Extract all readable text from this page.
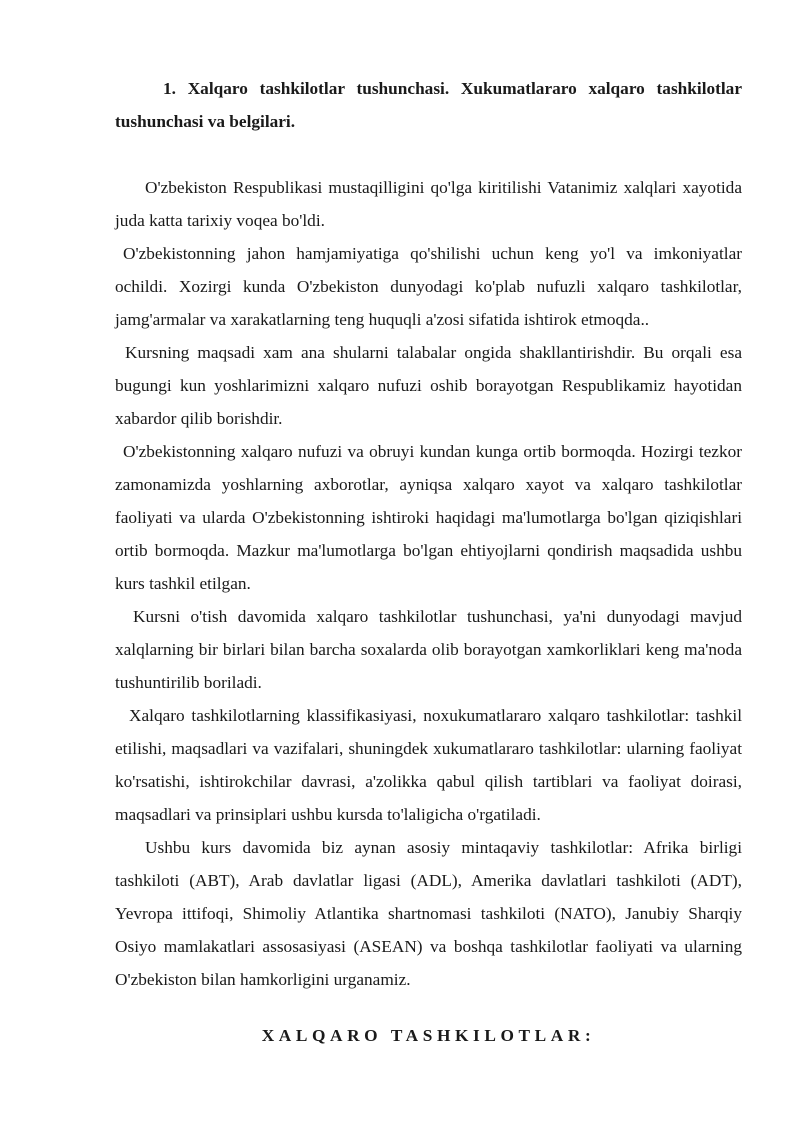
1. Xalqaro tashkilotlar tushunchasi. Xukumatlararo xalqaro tashkilotlar tushunchasi va belgilari.

O'zbekiston Respublikasi mustaqilligini qo'lga kiritilishi Vatanimiz xalqlari xayotida juda katta tarixiy voqea bo'ldi.

O'zbekistonning jahon hamjamiyatiga qo'shilishi uchun keng yo'l va imkoniyatlar ochildi. Xozirgi kunda O'zbekiston dunyodagi ko'plab nufuzli xalqaro tashkilotlar, jamg'armalar va xarakatlarning teng huquqli a'zosi sifatida ishtirok etmoqda..

Kursning maqsadi xam ana shularni talabalar ongida shakllantirishdir. Bu orqali esa bugungi kun yoshlarimizni xalqaro nufuzi oshib borayotgan Respublikamiz hayotidan xabardor qilib borishdir.

O'zbekistonning xalqaro nufuzi va obruyi kundan kunga ortib bormoqda. Hozirgi tezkor zamonamizda yoshlarning axborotlar, ayniqsa xalqaro xayot va xalqaro tashkilotlar faoliyati va ularda O'zbekistonning ishtiroki haqidagi ma'lumotlarga bo'lgan qiziqishlari ortib bormoqda. Mazkur ma'lumotlarga bo'lgan ehtiyojlarni qondirish maqsadida ushbu kurs tashkil etilgan.

Kursni o'tish davomida xalqaro tashkilotlar tushunchasi, ya'ni dunyodagi mavjud xalqlarning bir birlari bilan barcha soxalarda olib borayotgan xamkorliklari keng ma'noda tushuntirilib boriladi.

Xalqaro tashkilotlarning klassifikasiyasi, noxukumatlararo xalqaro tashkilotlar: tashkil etilishi, maqsadlari va vazifalari, shuningdek xukumatlararo tashkilotlar: ularning faoliyat ko'rsatishi, ishtirokchilar davrasi, a'zolikka qabul qilish tartiblari va faoliyat doirasi, maqsadlari va prinsiplari ushbu kursda to'laligicha o'rgatiladi.

Ushbu kurs davomida biz aynan asosiy mintaqaviy tashkilotlar: Afrika birligi tashkiloti (ABT), Arab davlatlar ligasi (ADL), Amerika davlatlari tashkiloti (ADT), Yevropa ittifoqi, Shimoliy Atlantika shartnomasi tashkiloti (NATO), Janubiy Sharqiy Osiyo mamlakatlari assosasiyasi (ASEAN) va boshqa tashkilotlar faoliyati va ularning O'zbekiston bilan hamkorligini urganamiz.

XALQARO TASHKILOTLAR:
